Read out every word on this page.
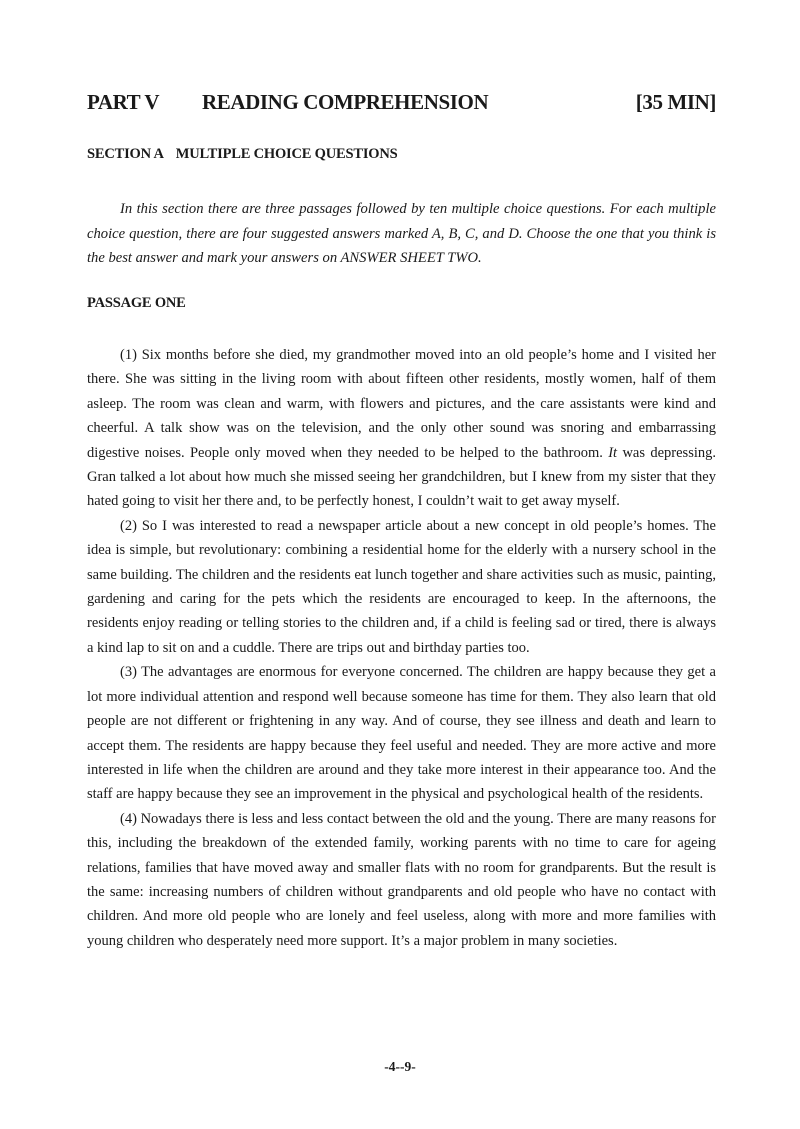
PART V	READING COMPREHENSION	[35 MIN]
SECTION A MULTIPLE CHOICE QUESTIONS

In this section there are three passages followed by ten multiple choice questions. For each multiple choice question, there are four suggested answers marked A, B, C, and D. Choose the one that you think is the best answer and mark your answers on ANSWER SHEET TWO.

PASSAGE ONE

(1) Six months before she died, my grandmother moved into an old people’s home and I visited her there. She was sitting in the living room with about fifteen other residents, mostly women, half of them asleep. The room was clean and warm, with flowers and pictures, and the care assistants were kind and cheerful. A talk show was on the television, and the only other sound was snoring and embarrassing digestive noises. People only moved when they needed to be helped to the bathroom. It was depressing. Gran talked a lot about how much she missed seeing her grandchildren, but I knew from my sister that they hated going to visit her there and, to be perfectly honest, I couldn’t wait to get away myself.

(2) So I was interested to read a newspaper article about a new concept in old people’s homes. The idea is simple, but revolutionary: combining a residential home for the elderly with a nursery school in the same building. The children and the residents eat lunch together and share activities such as music, painting, gardening and caring for the pets which the residents are encouraged to keep. In the afternoons, the residents enjoy reading or telling stories to the children and, if a child is feeling sad or tired, there is always a kind lap to sit on and a cuddle. There are trips out and birthday parties too.

(3) The advantages are enormous for everyone concerned. The children are happy because they get a lot more individual attention and respond well because someone has time for them. They also learn that old people are not different or frightening in any way. And of course, they see illness and death and learn to accept them. The residents are happy because they feel useful and needed. They are more active and more interested in life when the children are around and they take more interest in their appearance too. And the staff are happy because they see an improvement in the physical and psychological health of the residents.

(4) Nowadays there is less and less contact between the old and the young. There are many reasons for this, including the breakdown of the extended family, working parents with no time to care for ageing relations, families that have moved away and smaller flats with no room for grandparents. But the result is the same: increasing numbers of children without grandparents and old people who have no contact with children. And more old people who are lonely and feel useless, along with more and more families with young children who desperately need more support. It’s a major problem in many societies.

-4--9-
